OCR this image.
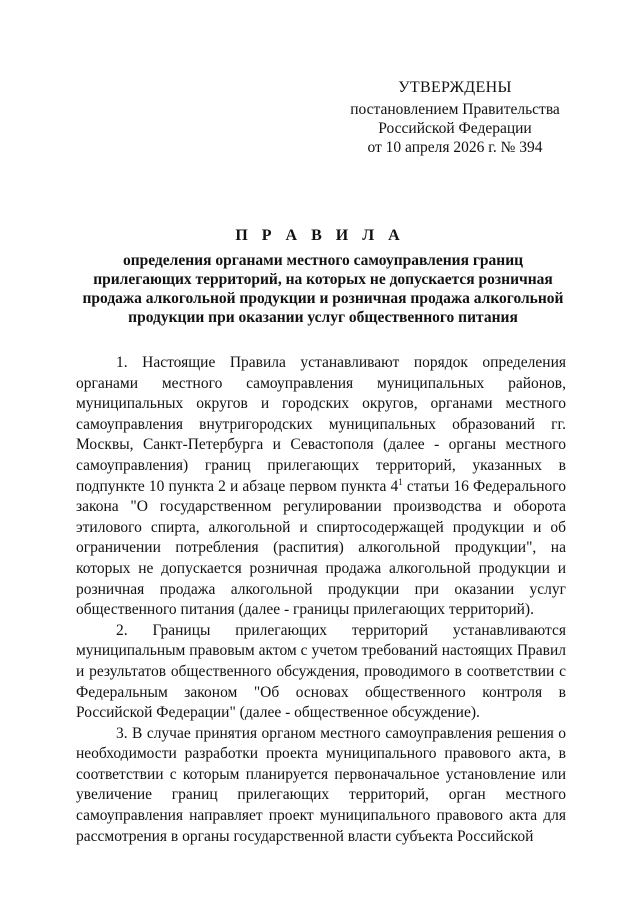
УТВЕРЖДЕНЫ
постановлением Правительства
Российской Федерации
от 10 апреля 2026 г. № 394
П Р А В И Л А
определения органами местного самоуправления границ прилегающих территорий, на которых не допускается розничная продажа алкогольной продукции и розничная продажа алкогольной продукции при оказании услуг общественного питания

1. Настоящие Правила устанавливают порядок определения органами местного самоуправления муниципальных районов, муниципальных округов и городских округов, органами местного самоуправления внутригородских муниципальных образований гг. Москвы, Санкт-Петербурга и Севастополя (далее - органы местного самоуправления) границ прилегающих территорий, указанных в подпункте 10 пункта 2 и абзаце первом пункта $4^1$ статьи 16 Федерального закона "О государственном регулировании производства и оборота этилового спирта, алкогольной и спиртосодержащей продукции и об ограничении потребления (распития) алкогольной продукции", на которых не допускается розничная продажа алкогольной продукции и розничная продажа алкогольной продукции при оказании услуг общественного питания (далее - границы прилегающих территорий).

2. Границы прилегающих территорий устанавливаются муниципальным правовым актом с учетом требований настоящих Правил и результатов общественного обсуждения, проводимого в соответствии с Федеральным законом "Об основах общественного контроля в Российской Федерации" (далее - общественное обсуждение).

3. В случае принятия органом местного самоуправления решения о необходимости разработки проекта муниципального правового акта, в соответствии с которым планируется первоначальное установление или увеличение границ прилегающих территорий, орган местного самоуправления направляет проект муниципального правового акта для рассмотрения в органы государственной власти субъекта Российской
